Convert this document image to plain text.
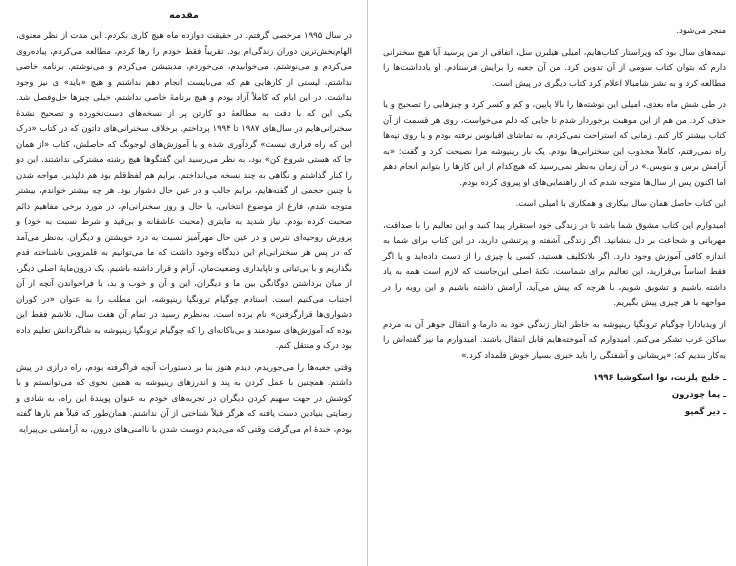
مقدمه

در سال ۱۹۹۵ مرخصی گرفتم. در حقیقت دوازده ماه هیچ کاری نکردم. این مدت از نظر معنوی، الهام‌بخش‌ترین دوران زندگی‌ام بود. تقریباً فقط خودم را رها کردم، مطالعه می‌کردم، پیاده‌روی می‌کردم و می‌نوشتم. می‌خوابیدم، می‌خوردم، مدیتیشن می‌کردم و می‌نوشتم. برنامه خاصی نداشتم. لیستی از کارهایی هم که می‌بایست انجام دهم نداشتم و هیچ «باید» ی نیز وجود نداشت. در این ایام که کاملاً آزاد بودم و هیچ برنامهٔ خاصی نداشتم، خیلی چیزها حل‌وفصل شد. یکی این که با دقت به مطالعهٔ دو کارتن پر از نسخه‌های دست‌نخورده و تصحیح نشدهٔ سخنرانی‌هایم در سال‌های ۱۹۸۷ تا ۱۹۹۴ پرداختم. برخلاف سخنرانی‌های داتون که در کتاب «درک این که راه فراری نیست» گردآوری شده و یا آموزش‌های لوجونگ که حاصلش، کتاب «از همان جا که هستی شروع کن» بود، به نظر می‌رسید این گفتگوها هیچ رشته مشترکی نداشتند. این دو را کنار گذاشتم و نگاهی به چند نسخه می‌انداختم. برایم هم لفظ‌قلم بود هم دلپذیر. مواجه شدن با چنین حجمی از گفته‌هایم، برایم جالب و در عین حال دشوار بود. هر چه بیشتر خواندم، بیشتر متوجه شدم، فارغ از موضوع انتخابی، یا حال و روز سخنرانی‌ام، در مورد برخی مفاهیم دائم صحبت کرده بودم. نیاز شدید به مایتری (محبت عاشقانه و بی‌قید و شرط نسبت به خود) و پرورش روحیه‌ای نترس و در عین حال مهرآمیز نسبت به درد خویشتن و دیگران. به‌نظر می‌آمد که در پس هر سخنرانی‌ام این دیدگاه وجود داشت که ما می‌توانیم به قلمرویی ناشناخته قدم بگذاریم و با بی‌ثباتی و ناپایداری وضعیت‌مان، آرام و قرار داشته باشیم. یک درون‌مایهٔ اصلی دیگر، از میان برداشتن دوگانگی بین ما و دیگران، این و آن و خوب و بد، با فراخواندن آنچه از آن اجتناب می‌کنیم است. استادم چوگیام ترونگپا رینپوشه، این مطلب را به عنوان «در کوران دشواری‌ها قرارگرفتن» نام برده است. به‌نظرم رسید در تمام آن هفت سال، تلاشم فقط این بوده که آموزش‌های سودمند و بی‌باکانه‌ای را که چوگیام ترونگپا رینپوشه به شاگردانش تعلیم داده بود درک و منتقل کنم.

وقتی جعبه‌ها را می‌جوریدم، دیدم هنوز بنا بر دستورات آنچه فراگرفته بودم، راه درازی در پیش داشتم. همچنین با عمل کردن به پند و اندرزهای رینپوشه به همین نحوی که می‌توانستم و با کوشش در جهت سهیم کردن دیگران در تجربه‌های خودم به عنوان پویندهٔ این راه، به شادی و رضایتی بنیادین دست یافته که هرگز قبلاً شناختی از آن نداشتم. همان‌طور که قبلاً هم بارها گفته بودم، خندهٔ ام می‌گرفت وقتی که می‌دیدم دوست شدن با ناامنی‌های درون، به آرامشی بی‌پیرایه

منجر می‌شود.

نیمه‌های سال بود که ویراستار کتاب‌هایم، امیلی هیلبرن سل، اتفاقی از من پرسید آیا هیچ سخنرانی دارم که بتوان کتاب سومی از آن تدوین کرد. من آن جعبه را برایش فرستادم. او یادداشت‌ها را مطالعه کرد و به نشر شامبالا اعلام کرد کتاب دیگری در پیش است.

در طی شش ماه بعدی، امیلی این نوشته‌ها را بالا پایین، و کم و کسر کرد و چیزهایی را تصحیح و یا حذف کرد. من هم از این موهبت برخوردار شدم تا جایی که دلم می‌خواست، روی هر قسمت از آن کتاب بیشتر کار کنم. زمانی که استراحت نمی‌کردم، به تماشای اقیانوس نرفته بودم و یا روی تپه‌ها راه نمی‌رفتم، کاملاً مجذوب این سخنرانی‌ها بودم. یک بار رینپوشه مرا نصیحت کرد و گفت: «به آرامش برس و بنویس.» در آن زمان به‌نظر نمی‌رسید که هیچ‌کدام از این کارها را بتوانم انجام دهم اما اکنون پس از سال‌ها متوجه شدم که از راهنمایی‌های او پیروی کرده بودم.

این کتاب حاصل همان سال بیکاری و همکاری با امیلی است.

امیدوارم این کتاب مشوق شما باشد تا در زندگی خود استقرار پیدا کنید و این تعالیم را با صداقت، مهربانی و شجاعت بر دل بنشانید. اگر زندگی آشفته و پرتنشی دارید، در این کتاب برای شما به اندازه کافی آموزش وجود دارد. اگر بلاتکلیف هستید، کسی یا چیزی را از دست داده‌اید و یا اگر فقط اساساً بی‌قرارید، این تعالیم برای شماست. نکتهٔ اصلی این‌جاست که لازم است همه به یاد داشته باشیم و تشویق شویم، با هرچه که پیش می‌آید، آرامش داشته باشیم و این رویه را در مواجهه با هر چیزی پیش بگیریم.

از ویدیادارا چوگیام ترونگپا رینپوشه به خاطر ایثار زندگی خود به دارما و انتقال جوهر آن به مردم ساکن غرب تشکر می‌کنم. امیدوارم که آموخته‌هایم قابل انتقال باشند. امیدوارم ما نیز گفته‌اش را به‌کار بندیم که: «پریشانی و آشفتگی را باید خبری بسیار خوش قلمداد کرد.»

ـ خلیج پلزنت، نوا اسکوشیا ۱۹۹۶
ـ پما چودرون
ـ دیر گمپو
